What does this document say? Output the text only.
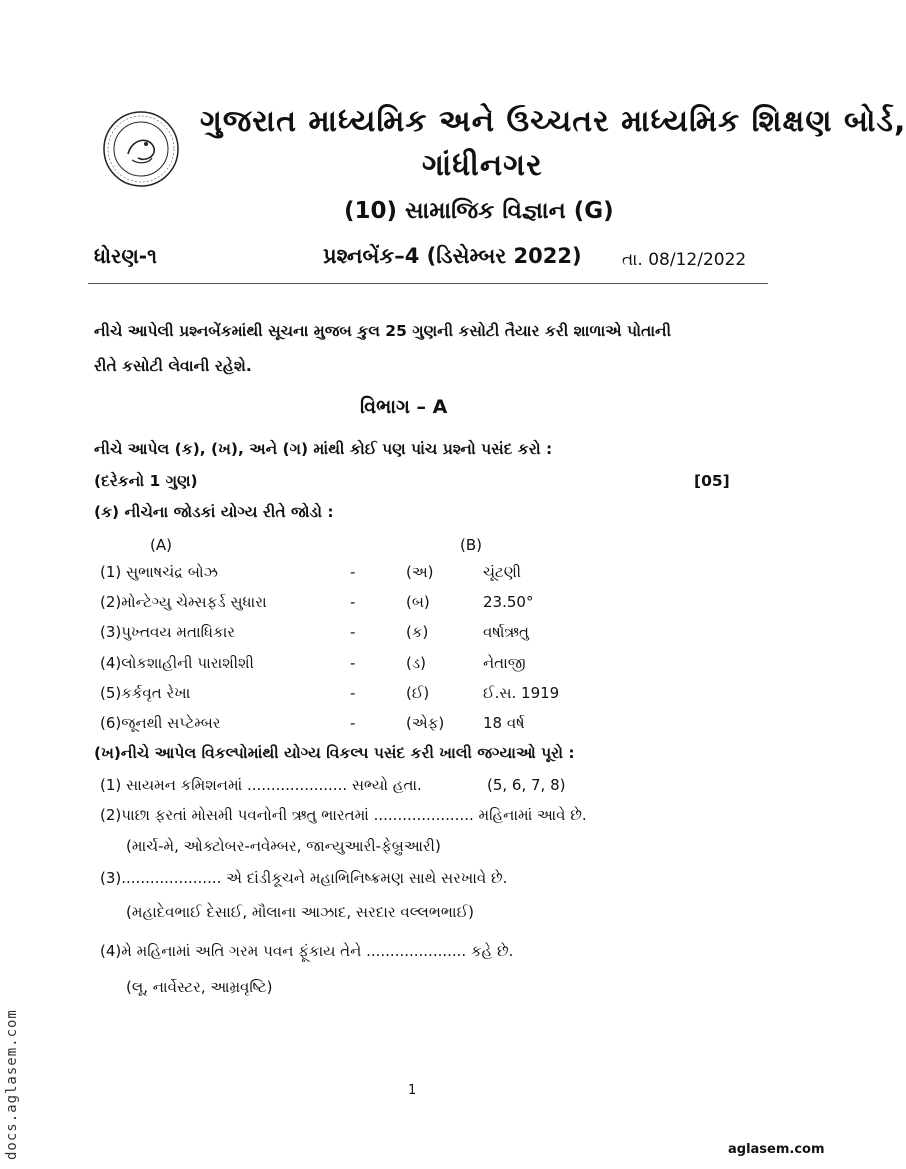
ગુજરાત માધ્યમિક અને ઉચ્ચતર માધ્યમિક શિક્ષણ બોર્ડ,
ગાંધીનગર
(10) સામાજિક વિજ્ઞાન (G)
ધોરણ-૧	પ્રશ્નબેંક–4 (ડિસેમ્બર 2022) તા. 08/12/2022
નીચે આપેલી પ્રશ્નબેંકમાંથી સૂચના મુજબ કુલ 25 ગુણની કસોટી તૈયાર કરી શાળાએ પોતાની
રીતે કસોટી લેવાની રહેશે.
વિભાગ – A
નીચે આપેલ (ક), (ખ), અને (ગ) માંથી કોઈ પણ પાંચ પ્રશ્નો પસંદ કરો :
(દરેકનો 1 ગુણ)	[05]
(ક) નીચેના જોડકાં યોગ્ય રીતે જોડો :
(A)	(B)
(1) સુભાષચંદ્ર બોઝ	-	(અ)	ચૂંટણી
(2)મોન્ટેગ્યુ ચેમ્સફર્ડ સુધારા	-	(બ)	23.50°
(3)પુખ્તવય મતાધિકાર	-	(ક)	વર્ષાઋતુ
(4)લોકશાહીની પારાશીશી	-	(ડ)	નેતાજી
(5)કર્કવૃત રેખા	-	(ઈ)	ઈ.સ. 1919
(6)જૂનથી સપ્ટેમ્બર	-	(એફ)	18 વર્ષ
(ખ)નીચે આપેલ વિકલ્પોમાંથી યોગ્ય વિકલ્પ પસંદ કરી ખાલી જગ્યાઓ પૂરો :
(1) સાયમન કમિશનમાં ..................... સભ્યો હતા.	(5, 6, 7, 8)
(2)પાછા ફરતાં મોસમી પવનોની ઋતુ ભારતમાં ..................... મહિનામાં આવે છે.
(માર્ચ-મે, ઓક્ટોબર-નવેમ્બર, જાન્યુઆરી-ફેબ્રુઆરી)
(3)..................... એ દાંડીકૂચને મહાભિનિષ્ક્રમણ સાથે સરખાવે છે.
(મહાદેવભાઈ દેસાઈ, મૌલાના આઝાદ, સરદાર વલ્લભભાઈ)
(4)મે મહિનામાં અતિ ગરમ પવન ફૂંકાય તેને ..................... કહે છે.
(લૂ, નાર્વેસ્ટર, આમ્રવૃષ્ટિ)
1
aglasem.com
docs.aglasem.com
